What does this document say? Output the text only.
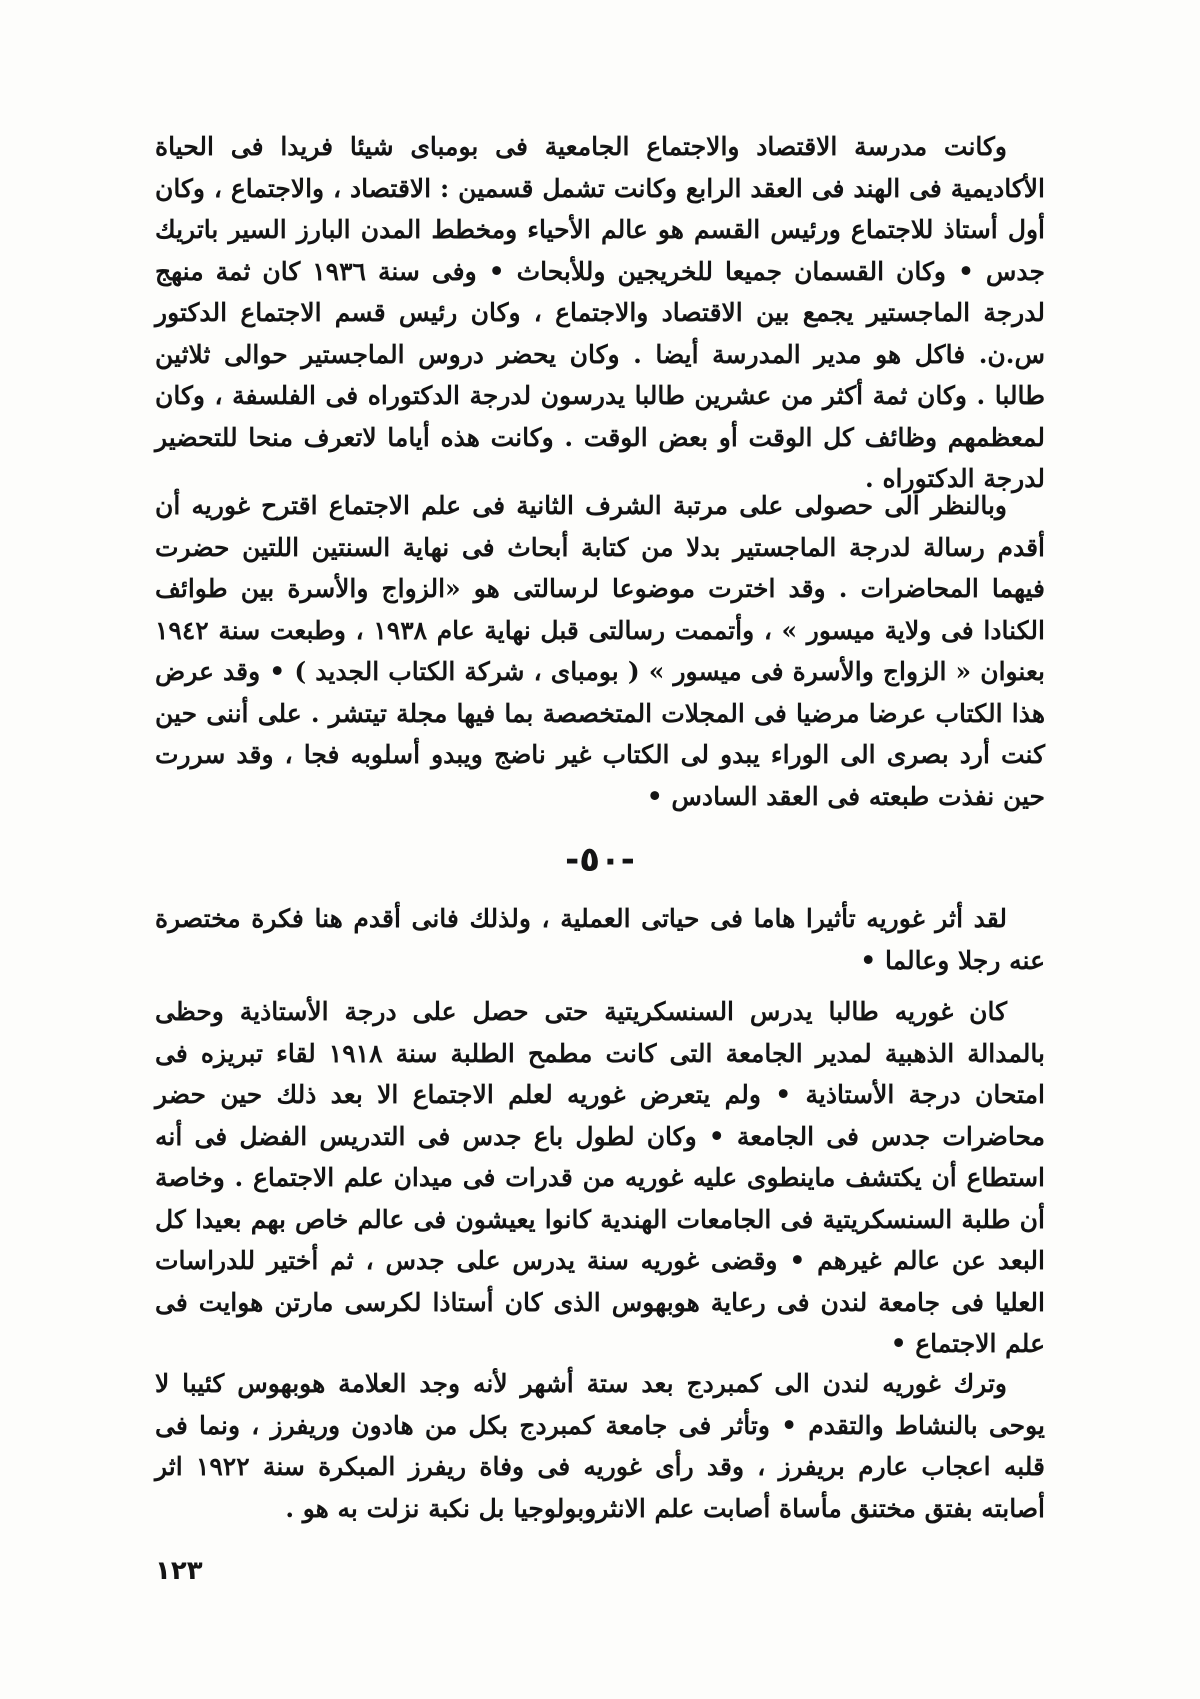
وكانت مدرسة الاقتصاد والاجتماع الجامعية فى بومباى شيئا فريدا فى الحياة الأكاديمية فى الهند فى العقد الرابع وكانت تشمل قسمين : الاقتصاد ، والاجتماع ، وكان أول أستاذ للاجتماع ورئيس القسم هو عالم الأحياء ومخطط المدن البارز السير باتريك جدس • وكان القسمان جميعا للخريجين وللأبحاث • وفى سنة ١٩٣٦ كان ثمة منهج لدرجة الماجستير يجمع بين الاقتصاد والاجتماع ، وكان رئيس قسم الاجتماع الدكتور س.ن. فاكل هو مدير المدرسة أيضا . وكان يحضر دروس الماجستير حوالى ثلاثين طالبا . وكان ثمة أكثر من عشرين طالبا يدرسون لدرجة الدكتوراه فى الفلسفة ، وكان لمعظمهم وظائف كل الوقت أو بعض الوقت . وكانت هذه أياما لاتعرف منحا للتحضير لدرجة الدكتوراه .

وبالنظر الى حصولى على مرتبة الشرف الثانية فى علم الاجتماع اقترح غوريه أن أقدم رسالة لدرجة الماجستير بدلا من كتابة أبحاث فى نهاية السنتين اللتين حضرت فيهما المحاضرات . وقد اخترت موضوعا لرسالتى هو «الزواج والأسرة بين طوائف الكنادا فى ولاية ميسور » ، وأتممت رسالتى قبل نهاية عام ١٩٣٨ ، وطبعت سنة ١٩٤٢ بعنوان « الزواج والأسرة فى ميسور » ( بومباى ، شركة الكتاب الجديد ) • وقد عرض هذا الكتاب عرضا مرضيا فى المجلات المتخصصة بما فيها مجلة تيتشر . على أننى حين كنت أرد بصرى الى الوراء يبدو لى الكتاب غير ناضج ويبدو أسلوبه فجا ، وقد سررت حين نفذت طبعته فى العقد السادس •

-٥٠-

لقد أثر غوريه تأثيرا هاما فى حياتى العملية ، ولذلك فانى أقدم هنا فكرة مختصرة عنه رجلا وعالما •

كان غوريه طالبا يدرس السنسكريتية حتى حصل على درجة الأستاذية وحظى بالمدالة الذهبية لمدير الجامعة التى كانت مطمح الطلبة سنة ١٩١٨ لقاء تبريزه فى امتحان درجة الأستاذية • ولم يتعرض غوريه لعلم الاجتماع الا بعد ذلك حين حضر محاضرات جدس فى الجامعة • وكان لطول باع جدس فى التدريس الفضل فى أنه استطاع أن يكتشف ماينطوى عليه غوريه من قدرات فى ميدان علم الاجتماع . وخاصة أن طلبة السنسكريتية فى الجامعات الهندية كانوا يعيشون فى عالم خاص بهم بعيدا كل البعد عن عالم غيرهم • وقضى غوريه سنة يدرس على جدس ، ثم أختير للدراسات العليا فى جامعة لندن فى رعاية هوبهوس الذى كان أستاذا لكرسى مارتن هوايت فى علم الاجتماع •

وترك غوريه لندن الى كمبردج بعد ستة أشهر لأنه وجد العلامة هوبهوس كئيبا لا يوحى بالنشاط والتقدم • وتأثر فى جامعة كمبردج بكل من هادون وريفرز ، ونما فى قلبه اعجاب عارم بريفرز ، وقد رأى غوريه فى وفاة ريفرز المبكرة سنة ١٩٢٢ اثر أصابته بفتق مختنق مأساة أصابت علم الانثروبولوجيا بل نكبة نزلت به هو .

١٢٣
